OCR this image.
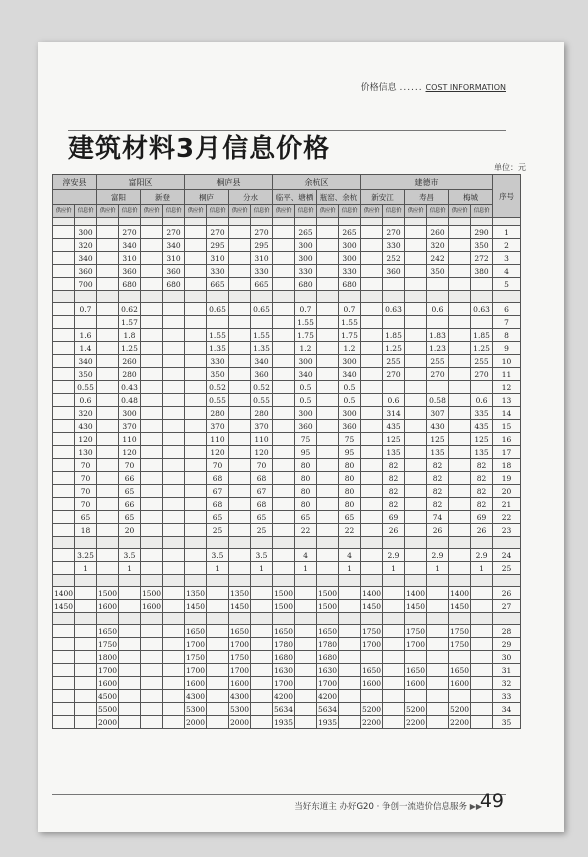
价格信息 ...... COST INFORMATION
建筑材料3月信息价格
单位：元
淳安县		富阳区				桐庐县				余杭区				建德市						序号
		富阳		新登		桐庐		分水		临平、塘栖		瓶窑、余杭		新安江		寿昌		梅城		
供应价	信息价	供应价	信息价	供应价	信息价	供应价	信息价	供应价	信息价	供应价	信息价	供应价	信息价	供应价	信息价	供应价	信息价	供应价	信息价	

	300		270		270		270		270		265		265		270		260		290	1
	320		340		340		295		295		300		300		330		320		350	2
	340		310		310		310		310		300		300		252		242		272	3
	360		360		360		330		330		330		330		360		350		380	4
	700		680		680		665		665		680		680							5

	0.7		0.62				0.65		0.65		0.7		0.7		0.63		0.6		0.63	6
			1.57								1.55		1.55							7
	1.6		1.8				1.55		1.55		1.75		1.75		1.85		1.83		1.85	8
	1.4		1.25				1.35		1.35		1.2		1.2		1.25		1.23		1.25	9
	340		260				330		340		300		300		255		255		255	10
	350		280				350		360		340		340		270		270		270	11
	0.55		0.43				0.52		0.52		0.5		0.5							12
	0.6		0.48				0.55		0.55		0.5		0.5		0.6		0.58		0.6	13
	320		300				280		280		300		300		314		307		335	14
	430		370				370		370		360		360		435		430		435	15
	120		110				110		110		75		75		125		125		125	16
	130		120				120		120		95		95		135		135		135	17
	70		70				70		70		80		80		82		82		82	18
	70		66				68		68		80		80		82		82		82	19
	70		65				67		67		80		80		82		82		82	20
	70		66				68		68		80		80		82		82		82	21
	65		65				65		65		65		65		69		74		69	22
	18		20				25		25		22		22		26		26		26	23

	3.25		3.5				3.5		3.5		4		4		2.9		2.9		2.9	24
	1		1				1		1		1		1		1		1		1	25

1400		1500		1500		1350		1350		1500		1500		1400		1400		1400		26
1450		1600		1600		1450		1450		1500		1500		1450		1450		1450		27

		1650				1650		1650		1650		1650		1750		1750		1750		28
		1750				1700		1700		1780		1780		1700		1700		1750		29
		1800				1750		1750		1680		1680								30
		1700				1700		1700		1630		1630		1650		1650		1650		31
		1600				1600		1600		1700		1700		1600		1600		1600		32
		4500				4300		4300		4200		4200								33
		5500				5300		5300		5634		5634		5200		5200		5200		34
		2000				2000		2000		1935		1935		2200		2200		2200		35
当好东道主 办好G20 · 争创一流造价信息服务 ▶▶
49
